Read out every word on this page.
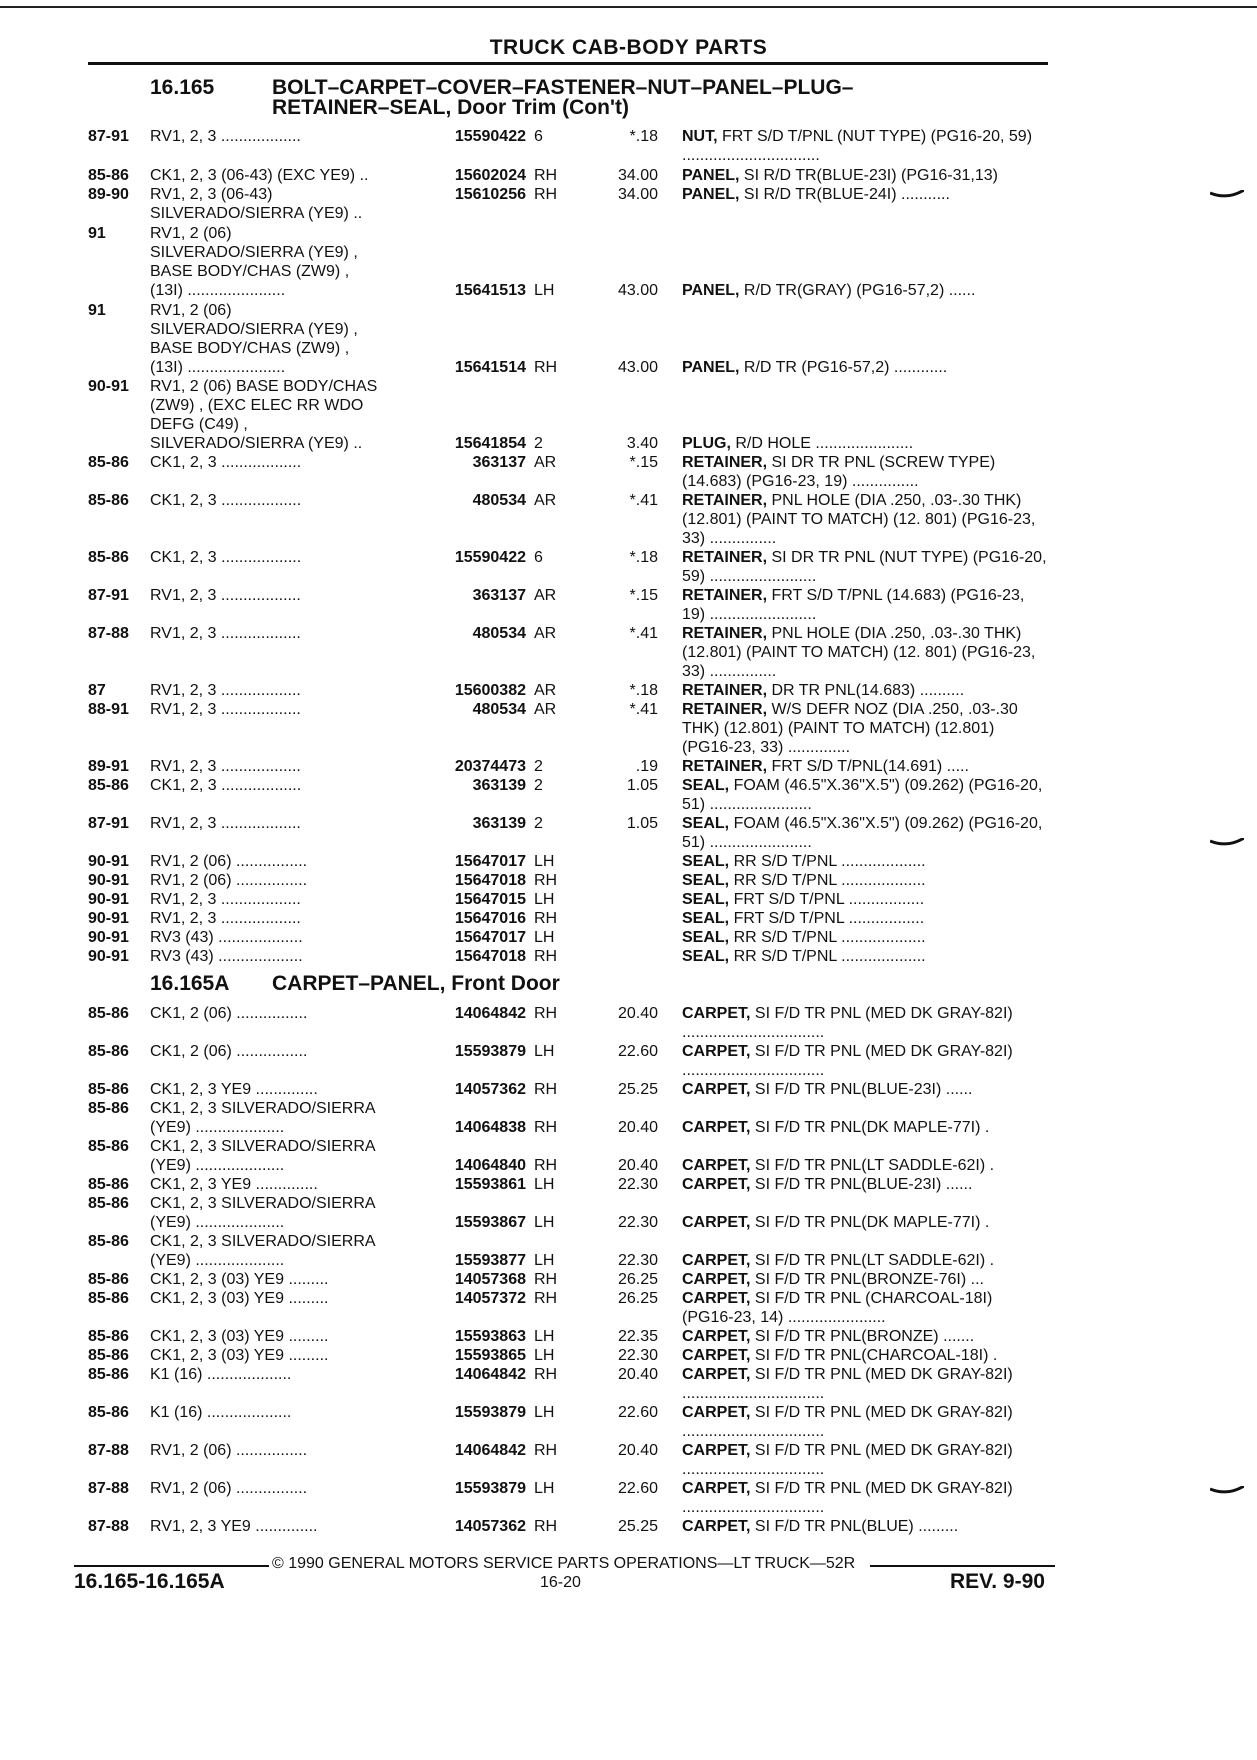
TRUCK CAB-BODY PARTS
16.165	BOLT–CARPET–COVER–FASTENER–NUT–PANEL–PLUG–
RETAINER–SEAL, Door Trim (Con't)
16.165A CARPET–PANEL, Front Door
87-91 RV1, 2, 3 ..................	15590422 6	*.18 NUT, FRT S/D T/PNL (NUT TYPE) (PG16-20, 59) ...............................
85-86 CK1, 2, 3 (06-43) (EXC YE9) ..	15602024 RH	34.00 PANEL, SI R/D TR(BLUE-23I) (PG16-31,13)
89-90 RV1, 2, 3 (06-43)
SILVERADO/SIERRA (YE9) ..
15610256 RH	34.00 PANEL, SI R/D TR(BLUE-24I) ...........
91	RV1, 2 (06)
SILVERADO/SIERRA (YE9) ,
BASE BODY/CHAS (ZW9) ,
(13I) ......................	15641513 LH	43.00 PANEL, R/D TR(GRAY) (PG16-57,2) ......
91	RV1, 2 (06)
SILVERADO/SIERRA (YE9) ,
BASE BODY/CHAS (ZW9) ,
(13I) ......................	15641514 RH	43.00 PANEL, R/D TR (PG16-57,2) ............
90-91 RV1, 2 (06) BASE BODY/CHAS
(ZW9) , (EXC ELEC RR WDO
DEFG (C49) ,
SILVERADO/SIERRA (YE9) ..	15641854 2	3.40 PLUG, R/D HOLE ......................
85-86 CK1, 2, 3 ..................	363137 AR	*.15 RETAINER, SI DR TR PNL (SCREW TYPE) (14.683) (PG16-23, 19) ...............
85-86 CK1, 2, 3 ..................	480534 AR	*.41 RETAINER, PNL HOLE (DIA .250, .03-.30 THK) (12.801) (PAINT TO MATCH) (12. 801) (PG16-23, 33) ...............
85-86 CK1, 2, 3 ..................	15590422 6	*.18 RETAINER, SI DR TR PNL (NUT TYPE) (PG16-20, 59) ........................
87-91 RV1, 2, 3 ..................	363137 AR	*.15 RETAINER, FRT S/D T/PNL (14.683) (PG16-23, 19) ........................
87-88 RV1, 2, 3 ..................	480534 AR	*.41 RETAINER, PNL HOLE (DIA .250, .03-.30 THK) (12.801) (PAINT TO MATCH) (12. 801) (PG16-23, 33) ...............
87	RV1, 2, 3 ..................	15600382 AR	*.18 RETAINER, DR TR PNL(14.683) ..........
88-91 RV1, 2, 3 ..................	480534 AR	*.41 RETAINER, W/S DEFR NOZ (DIA .250, .03-.30 THK) (12.801) (PAINT TO MATCH) (12.801) (PG16-23, 33) ..............
89-91 RV1, 2, 3 ..................	20374473 2	.19 RETAINER, FRT S/D T/PNL(14.691) .....
85-86 CK1, 2, 3 ..................	363139 2	1.05 SEAL, FOAM (46.5"X.36"X.5") (09.262) (PG16-20, 51) .......................
87-91 RV1, 2, 3 ..................	363139 2	1.05 SEAL, FOAM (46.5"X.36"X.5") (09.262) (PG16-20, 51) .......................
90-91 RV1, 2 (06) ................	15647017 LH	SEAL, RR S/D T/PNL ...................
90-91 RV1, 2 (06) ................	15647018 RH	SEAL, RR S/D T/PNL ...................
90-91 RV1, 2, 3 ..................	15647015 LH	SEAL, FRT S/D T/PNL .................
90-91 RV1, 2, 3 ..................	15647016 RH	SEAL, FRT S/D T/PNL .................
90-91 RV3 (43) ...................	15647017 LH	SEAL, RR S/D T/PNL ...................
90-91 RV3 (43) ...................	15647018 RH	SEAL, RR S/D T/PNL ...................
85-86 CK1, 2 (06) ................	14064842 RH	20.40 CARPET, SI F/D TR PNL (MED DK GRAY-82I) ................................
85-86 CK1, 2 (06) ................	15593879 LH	22.60 CARPET, SI F/D TR PNL (MED DK GRAY-82I) ................................
85-86 CK1, 2, 3 YE9 ..............	14057362 RH	25.25 CARPET, SI F/D TR PNL(BLUE-23I) ......
85-86 CK1, 2, 3 SILVERADO/SIERRA
(YE9) ....................	14064838 RH	20.40 CARPET, SI F/D TR PNL(DK MAPLE-77I) .
85-86 CK1, 2, 3 SILVERADO/SIERRA
(YE9) ....................	14064840 RH	20.40 CARPET, SI F/D TR PNL(LT SADDLE-62I) .
85-86 CK1, 2, 3 YE9 ..............	15593861 LH	22.30 CARPET, SI F/D TR PNL(BLUE-23I) ......
85-86 CK1, 2, 3 SILVERADO/SIERRA
(YE9) ....................	15593867 LH	22.30 CARPET, SI F/D TR PNL(DK MAPLE-77I) .
85-86 CK1, 2, 3 SILVERADO/SIERRA
(YE9) ....................	15593877 LH	22.30 CARPET, SI F/D TR PNL(LT SADDLE-62I) .
85-86 CK1, 2, 3 (03) YE9 .........	14057368 RH	26.25 CARPET, SI F/D TR PNL(BRONZE-76I) ...
85-86 CK1, 2, 3 (03) YE9 .........	14057372 RH	26.25 CARPET, SI F/D TR PNL (CHARCOAL-18I) (PG16-23, 14) ......................
85-86 CK1, 2, 3 (03) YE9 .........	15593863 LH	22.35 CARPET, SI F/D TR PNL(BRONZE) .......
85-86 CK1, 2, 3 (03) YE9 .........	15593865 LH	22.30 CARPET, SI F/D TR PNL(CHARCOAL-18I) .
85-86 K1 (16) ...................	14064842 RH	20.40 CARPET, SI F/D TR PNL (MED DK GRAY-82I) ................................
85-86 K1 (16) ...................	15593879 LH	22.60 CARPET, SI F/D TR PNL (MED DK GRAY-82I) ................................
87-88 RV1, 2 (06) ................	14064842 RH	20.40 CARPET, SI F/D TR PNL (MED DK GRAY-82I) ................................
87-88 RV1, 2 (06) ................	15593879 LH	22.60 CARPET, SI F/D TR PNL (MED DK GRAY-82I) ................................
87-88 RV1, 2, 3 YE9 ..............	14057362 RH	25.25 CARPET, SI F/D TR PNL(BLUE) .........
© 1990 GENERAL MOTORS SERVICE PARTS OPERATIONS—LT TRUCK—52R
16.165-16.165A	16-20	REV. 9-90
